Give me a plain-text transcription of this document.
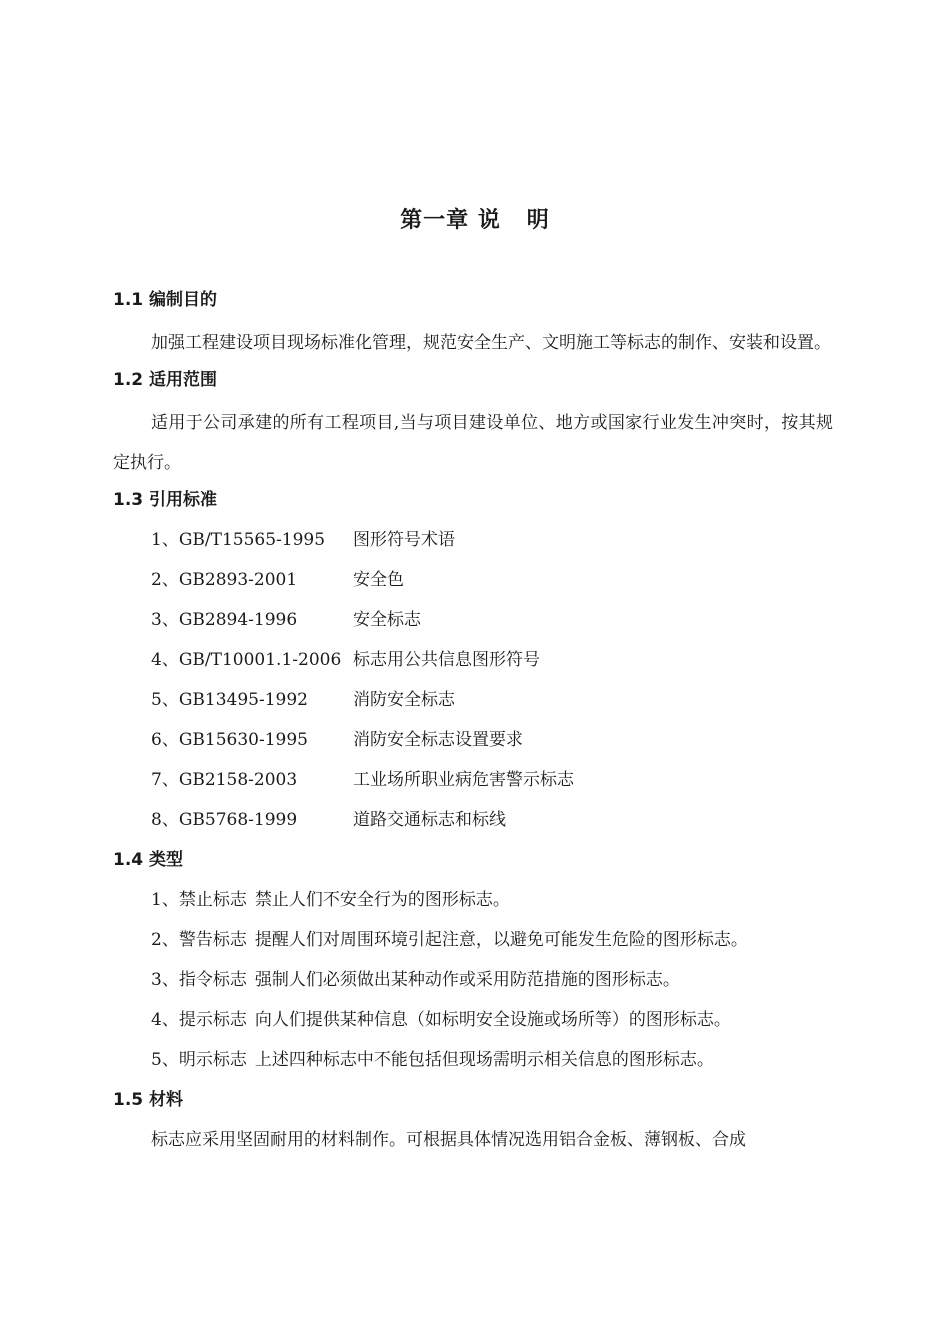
第一章 说   明
1.1 编制目的

加强工程建设项目现场标准化管理，规范安全生产、文明施工等标志的制作、安装和设置。

1.2 适用范围

适用于公司承建的所有工程项目,当与项目建设单位、地方或国家行业发生冲突时，按其规定执行。

1.3 引用标准
1、GB/T15565-1995	图形符号术语
2、GB2893-2001	安全色
3、GB2894-1996	安全标志
4、GB/T10001.1-2006 标志用公共信息图形符号
5、GB13495-1992	消防安全标志
6、GB15630-1995	消防安全标志设置要求
7、GB2158-2003	工业场所职业病危害警示标志
8、GB5768-1999	道路交通标志和标线
1.4 类型
1、禁止标志 禁止人们不安全行为的图形标志。
2、警告标志 提醒人们对周围环境引起注意，以避免可能发生危险的图形标志。
3、指令标志 强制人们必须做出某种动作或采用防范措施的图形标志。
4、提示标志 向人们提供某种信息（如标明安全设施或场所等）的图形标志。
5、明示标志 上述四种标志中不能包括但现场需明示相关信息的图形标志。
1.5 材料
标志应采用坚固耐用的材料制作。可根据具体情况选用铝合金板、薄钢板、合成
